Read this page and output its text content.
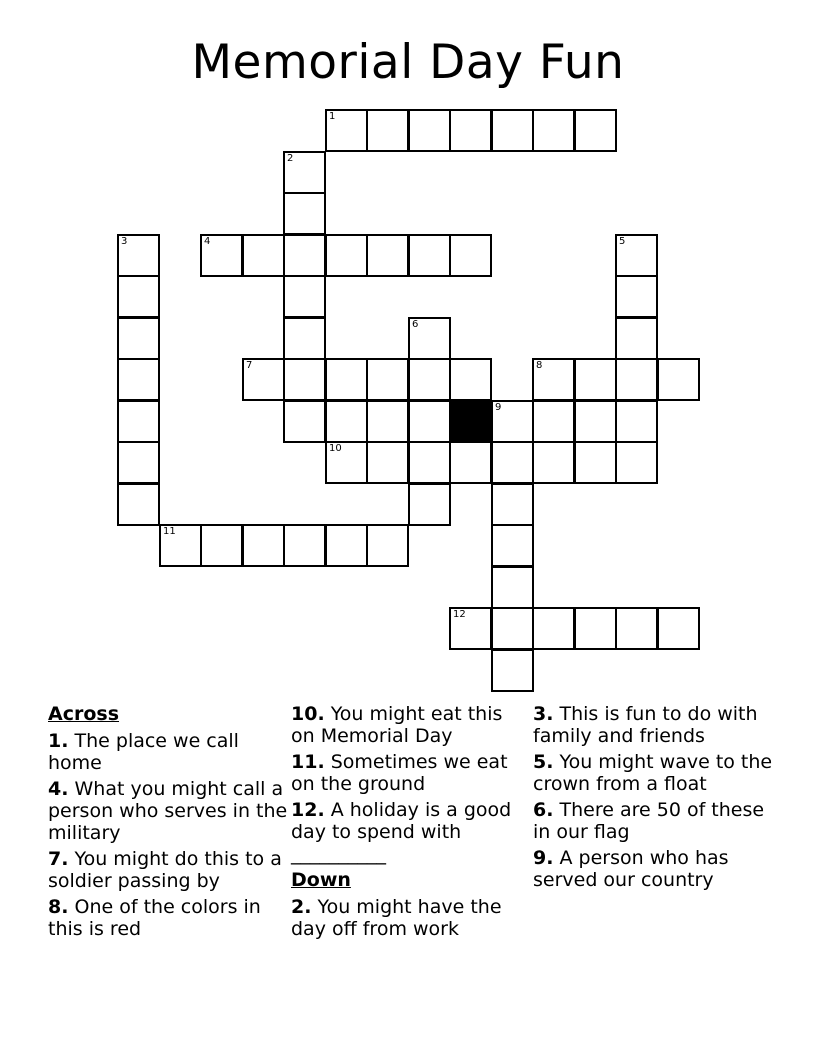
Memorial Day Fun
1
2
3	4	5
6
7	8
9
10
11
12
Across
1. The place we call home
4. What you might call a person who serves in the military
7. You might do this to a soldier passing by
8. One of the colors in this is red
10. You might eat this on Memorial Day
11. Sometimes we eat on the ground
12. A holiday is a good day to spend with __________
Down
2. You might have the day off from work
3. This is fun to do with family and friends
5. You might wave to the crown from a float
6. There are 50 of these in our flag
9. A person who has served our country
